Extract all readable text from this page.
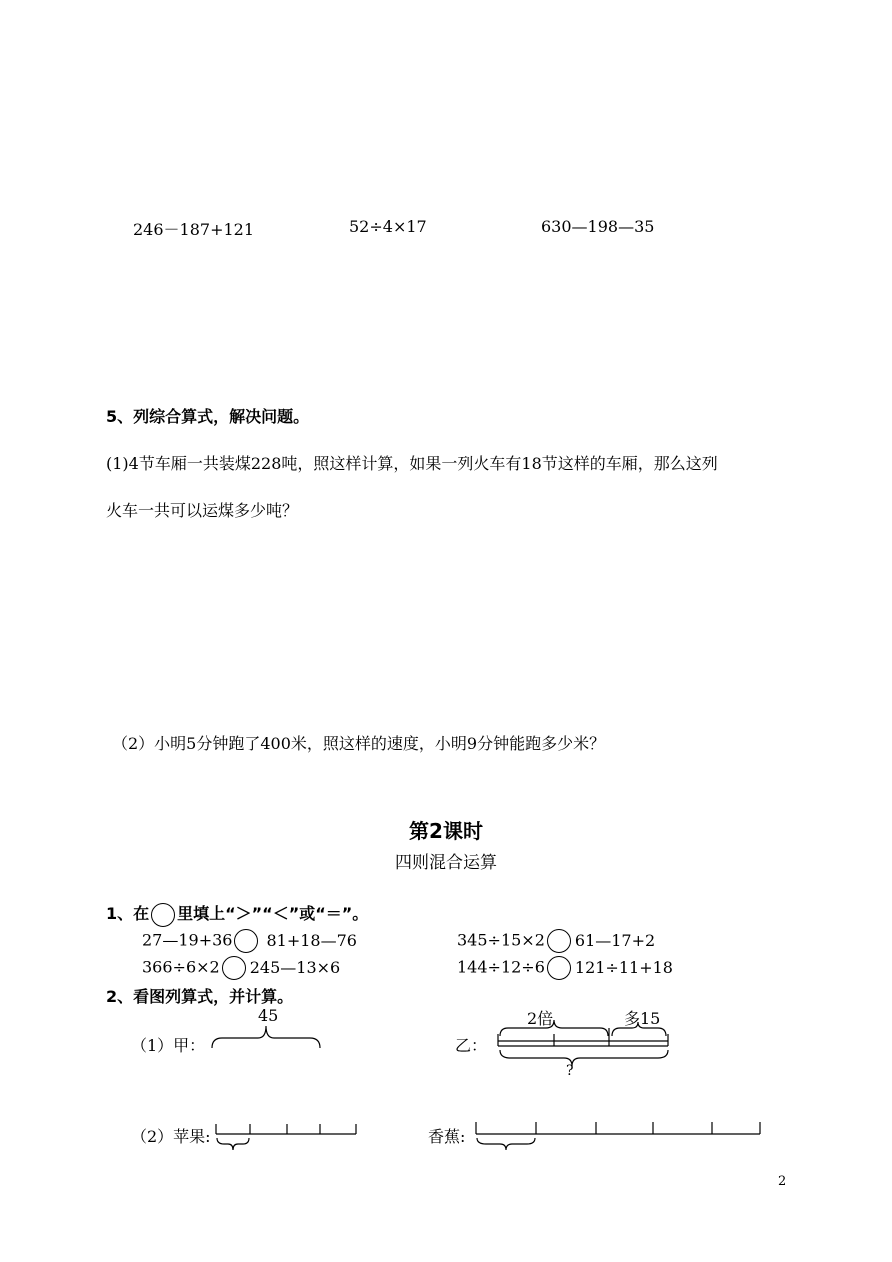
246－187+121	52÷4×17	630—198—35
5、列综合算式，解决问题。
(1)4节车厢一共装煤228吨，照这样计算，如果一列火车有18节这样的车厢，那么这列
火车一共可以运煤多少吨？
（2）小明5分钟跑了400米，照这样的速度，小明9分钟能跑多少米？
第2课时
四则混合运算
1、在 里填上“＞”“＜”或“＝”。
27—19+36 81+18—76	345÷15×2 61—17+2
366÷6×2 245—13×6	144÷12÷6 121÷11+18
2、看图列算式，并计算。
（1）甲：
45
乙：
2倍	多15
?
（2）苹果:	香蕉:
2
